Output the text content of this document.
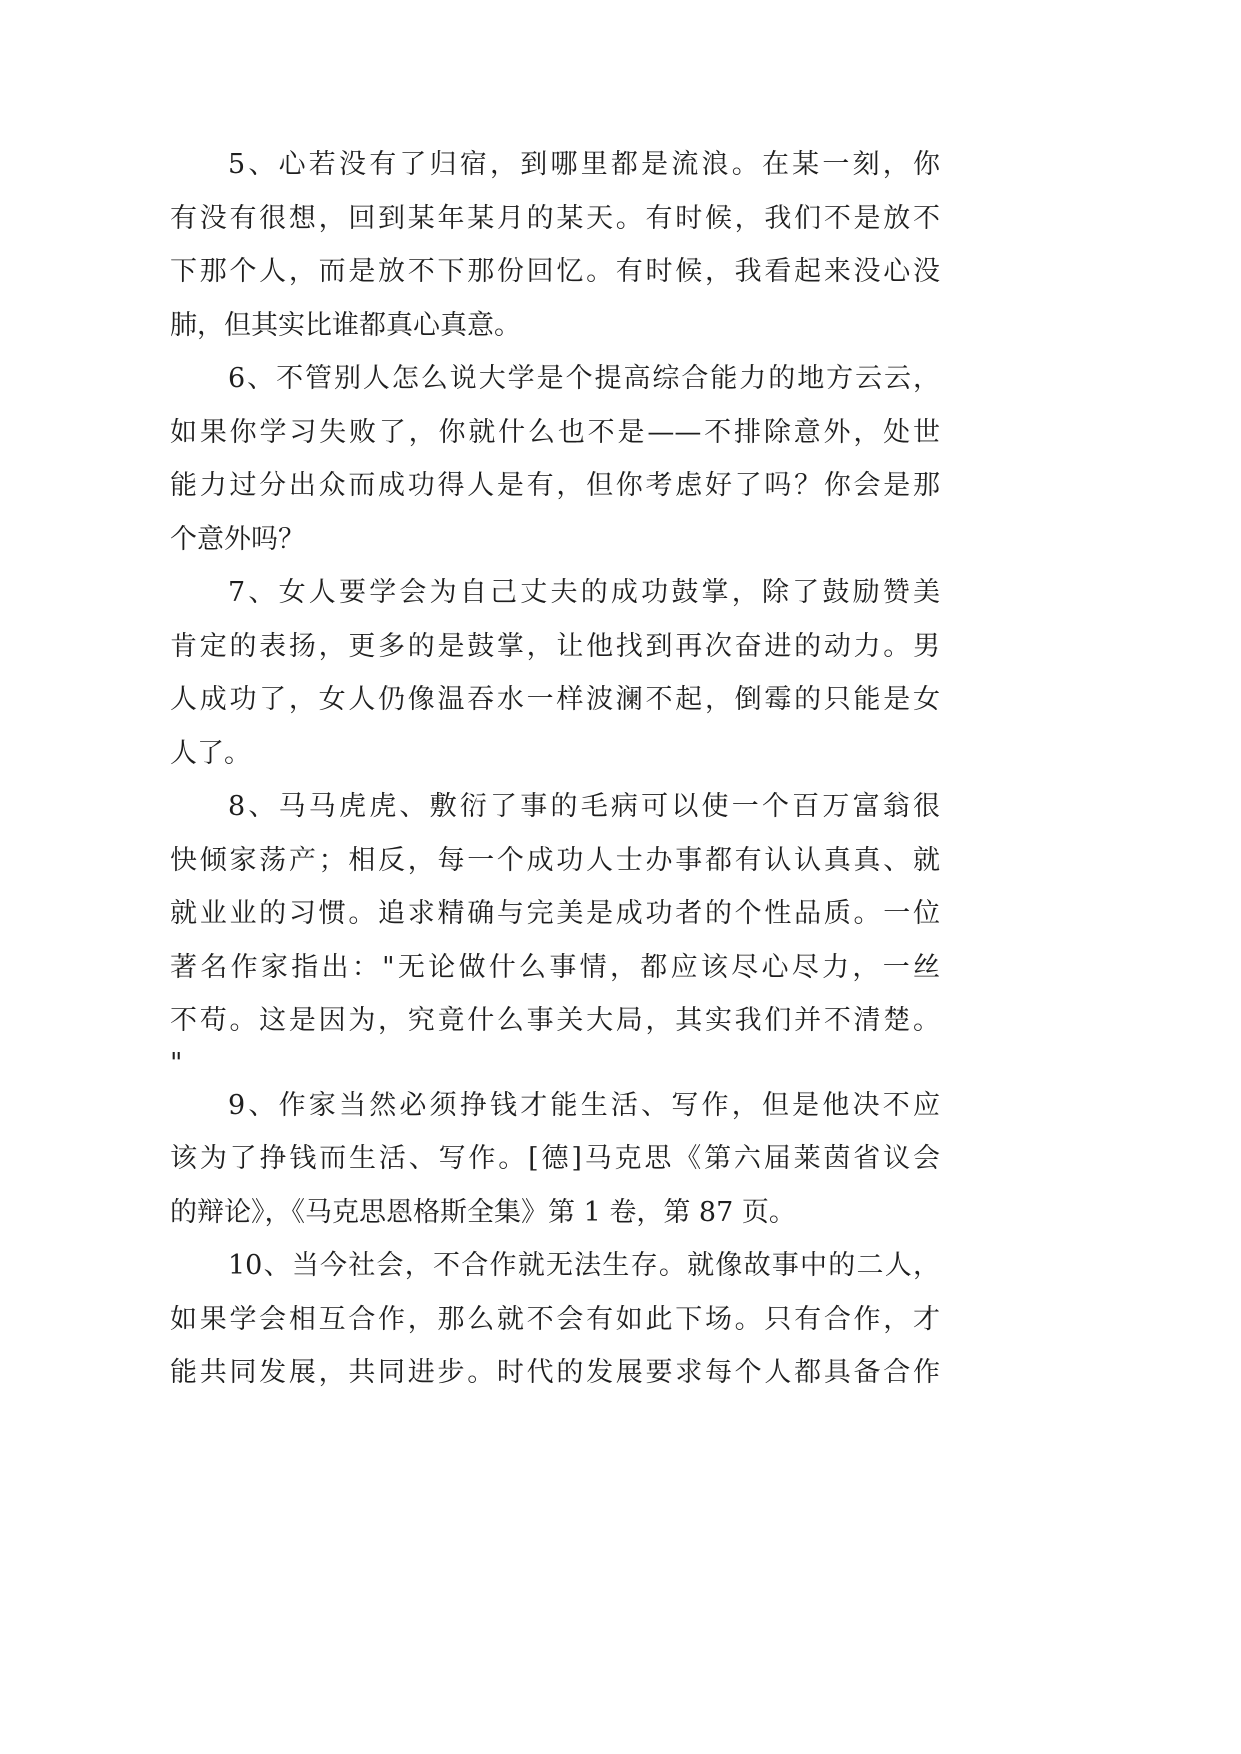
5、心若没有了归宿，到哪里都是流浪。在某一刻，你
有没有很想，回到某年某月的某天。有时候，我们不是放不
下那个人，而是放不下那份回忆。有时候，我看起来没心没
肺，但其实比谁都真心真意。
6、不管别人怎么说大学是个提高综合能力的地方云云，
如果你学习失败了，你就什么也不是——不排除意外，处世
能力过分出众而成功得人是有，但你考虑好了吗？你会是那
个意外吗？
7、女人要学会为自己丈夫的成功鼓掌，除了鼓励赞美
肯定的表扬，更多的是鼓掌，让他找到再次奋进的动力。男
人成功了，女人仍像温吞水一样波澜不起，倒霉的只能是女
人了。
8、马马虎虎、敷衍了事的毛病可以使一个百万富翁很
快倾家荡产；相反，每一个成功人士办事都有认认真真、就
就业业的习惯。追求精确与完美是成功者的个性品质。一位
著名作家指出："无论做什么事情，都应该尽心尽力，一丝
不苟。这是因为，究竟什么事关大局，其实我们并不清楚。
"
9、作家当然必须挣钱才能生活、写作，但是他决不应
该为了挣钱而生活、写作。[德]马克思《第六届莱茵省议会
的辩论》，《马克思恩格斯全集》第 1 卷，第 87 页。
10、当今社会，不合作就无法生存。就像故事中的二人，
如果学会相互合作，那么就不会有如此下场。只有合作，才
能共同发展，共同进步。时代的发展要求每个人都具备合作
